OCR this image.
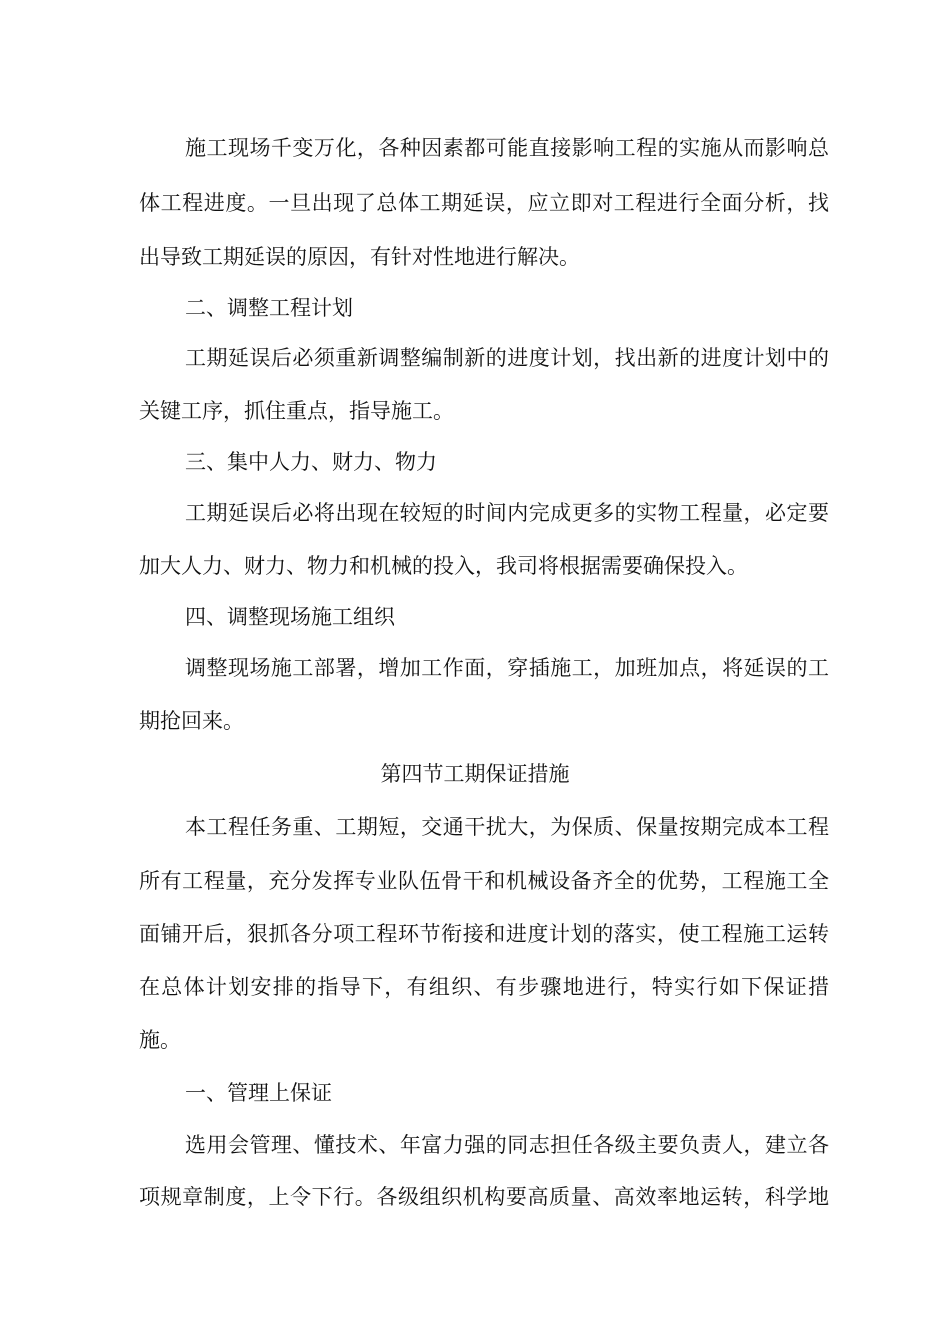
施工现场千变万化，各种因素都可能直接影响工程的实施从而影响总
体工程进度。一旦出现了总体工期延误，应立即对工程进行全面分析，找
出导致工期延误的原因，有针对性地进行解决。
二、调整工程计划
工期延误后必须重新调整编制新的进度计划，找出新的进度计划中的
关键工序，抓住重点，指导施工。
三、集中人力、财力、物力
工期延误后必将出现在较短的时间内完成更多的实物工程量，必定要
加大人力、财力、物力和机械的投入，我司将根据需要确保投入。
四、调整现场施工组织
调整现场施工部署，增加工作面，穿插施工，加班加点，将延误的工
期抢回来。
第四节工期保证措施
本工程任务重、工期短，交通干扰大，为保质、保量按期完成本工程
所有工程量，充分发挥专业队伍骨干和机械设备齐全的优势，工程施工全
面铺开后，狠抓各分项工程环节衔接和进度计划的落实，使工程施工运转
在总体计划安排的指导下，有组织、有步骤地进行，特实行如下保证措
施。
一、管理上保证
选用会管理、懂技术、年富力强的同志担任各级主要负责人，建立各
项规章制度，上令下行。各级组织机构要高质量、高效率地运转，科学地
